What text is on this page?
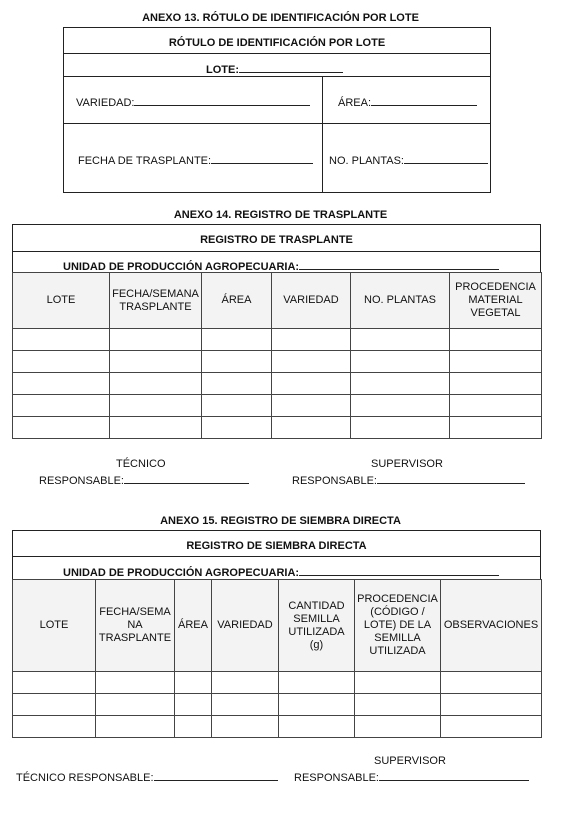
ANEXO 13. RÓTULO DE IDENTIFICACIÓN POR LOTE
RÓTULO DE IDENTIFICACIÓN POR LOTE
LOTE:
VARIEDAD:	ÁREA:
FECHA DE TRASPLANTE:	NO. PLANTAS:
ANEXO 14. REGISTRO DE TRASPLANTE
REGISTRO DE TRASPLANTE
UNIDAD DE PRODUCCIÓN AGROPECUARIA:
LOTE	FECHA/SEMANA TRASPLANTE	ÁREA	VARIEDAD	NO. PLANTAS	PROCEDENCIA MATERIAL VEGETAL

TÉCNICO
RESPONSABLE:
SUPERVISOR
RESPONSABLE:
ANEXO 15. REGISTRO DE SIEMBRA DIRECTA
REGISTRO DE SIEMBRA DIRECTA
UNIDAD DE PRODUCCIÓN AGROPECUARIA:
LOTE	FECHA/SEMA NA TRASPLANTE	ÁREA	VARIEDAD	CANTIDAD SEMILLA UTILIZADA (g)	PROCEDENCIA (CÓDIGO / LOTE) DE LA SEMILLA UTILIZADA	OBSERVACIONES

TÉCNICO RESPONSABLE:
SUPERVISOR
RESPONSABLE:
